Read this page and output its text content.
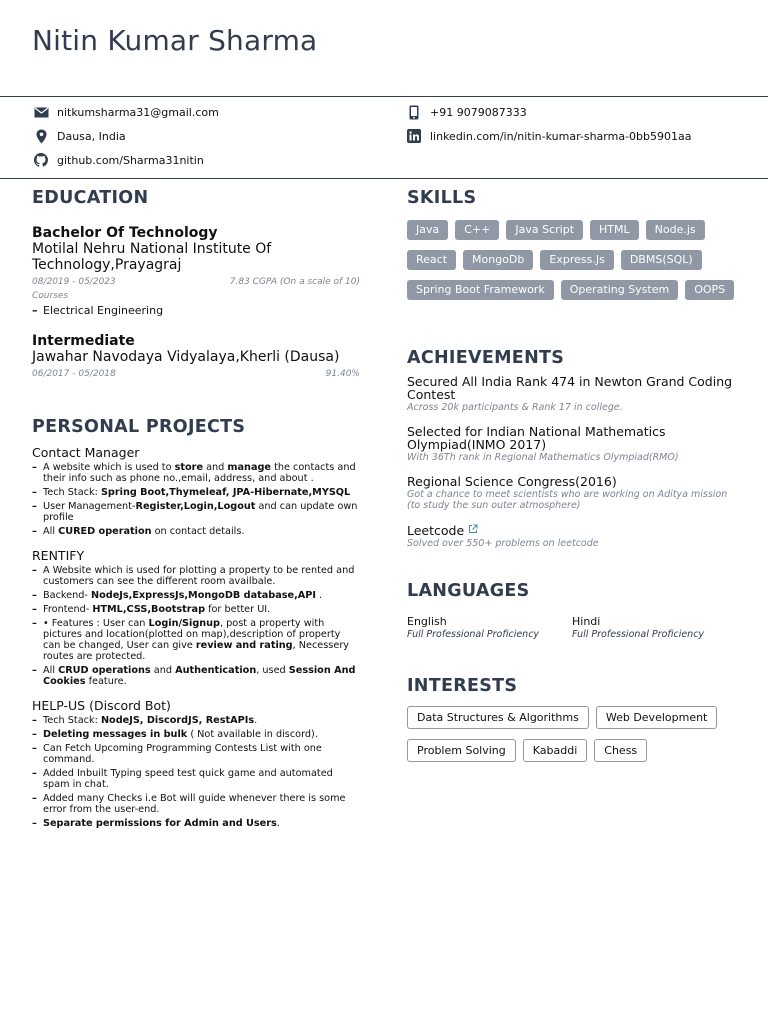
Nitin Kumar Sharma
nitkumsharma31@gmail.com	+91 9079087333
Dausa, India	linkedin.com/in/nitin-kumar-sharma-0bb5901aa
github.com/Sharma31nitin
EDUCATION
Bachelor Of Technology
Motilal Nehru National Institute Of Technology,Prayagraj
08/2019 - 05/2023	7.83 CGPA (On a scale of 10)
Courses
– Electrical Engineering
Intermediate
Jawahar Navodaya Vidyalaya,Kherli (Dausa)
06/2017 - 05/2018	91.40%
PERSONAL PROJECTS
Contact Manager
– A website which is used to store and manage the contacts and their info such as phone no.,email, address, and about .
– Tech Stack: Spring Boot,Thymeleaf, JPA-Hibernate,MYSQL
– User Management-Register,Login,Logout and can update own profile
– All CURED operation on contact details.
RENTIFY
– A Website which is used for plotting a property to be rented and customers can see the different room availbale.
– Backend- NodeJs,ExpressJs,MongoDB database,API .
– Frontend- HTML,CSS,Bootstrap for better UI.
– • Features : User can Login/Signup, post a property with pictures and location(plotted on map),description of property can be changed, User can give review and rating, Necessery routes are protected.
– All CRUD operations and Authentication, used Session And Cookies feature.
HELP-US (Discord Bot)
– Tech Stack: NodeJS, DiscordJS, RestAPIs.
– Deleting messages in bulk ( Not available in discord).
– Can Fetch Upcoming Programming Contests List with one command.
– Added Inbuilt Typing speed test quick game and automated spam in chat.
– Added many Checks i.e Bot will guide whenever there is some error from the user-end.
– Separate permissions for Admin and Users.
SKILLS
Java	C++	Java Script	HTML	Node.js
React	MongoDb	Express.Js	DBMS(SQL)
Spring Boot Framework	Operating System	OOPS
ACHIEVEMENTS
Secured All India Rank 474 in Newton Grand Coding Contest
Across 20k participants & Rank 17 in college.
Selected for Indian National Mathematics Olympiad(INMO 2017)
With 36Th rank in Regional Mathematics Olympiad(RMO)
Regional Science Congress(2016)
Got a chance to meet scientists who are working on Aditya mission (to study the sun outer atmosphere)
Leetcode
Solved over 550+ problems on leetcode
LANGUAGES
English
Full Professional Proficiency
Hindi
Full Professional Proficiency
INTERESTS
Data Structures & Algorithms	Web Development
Problem Solving	Kabaddi	Chess
